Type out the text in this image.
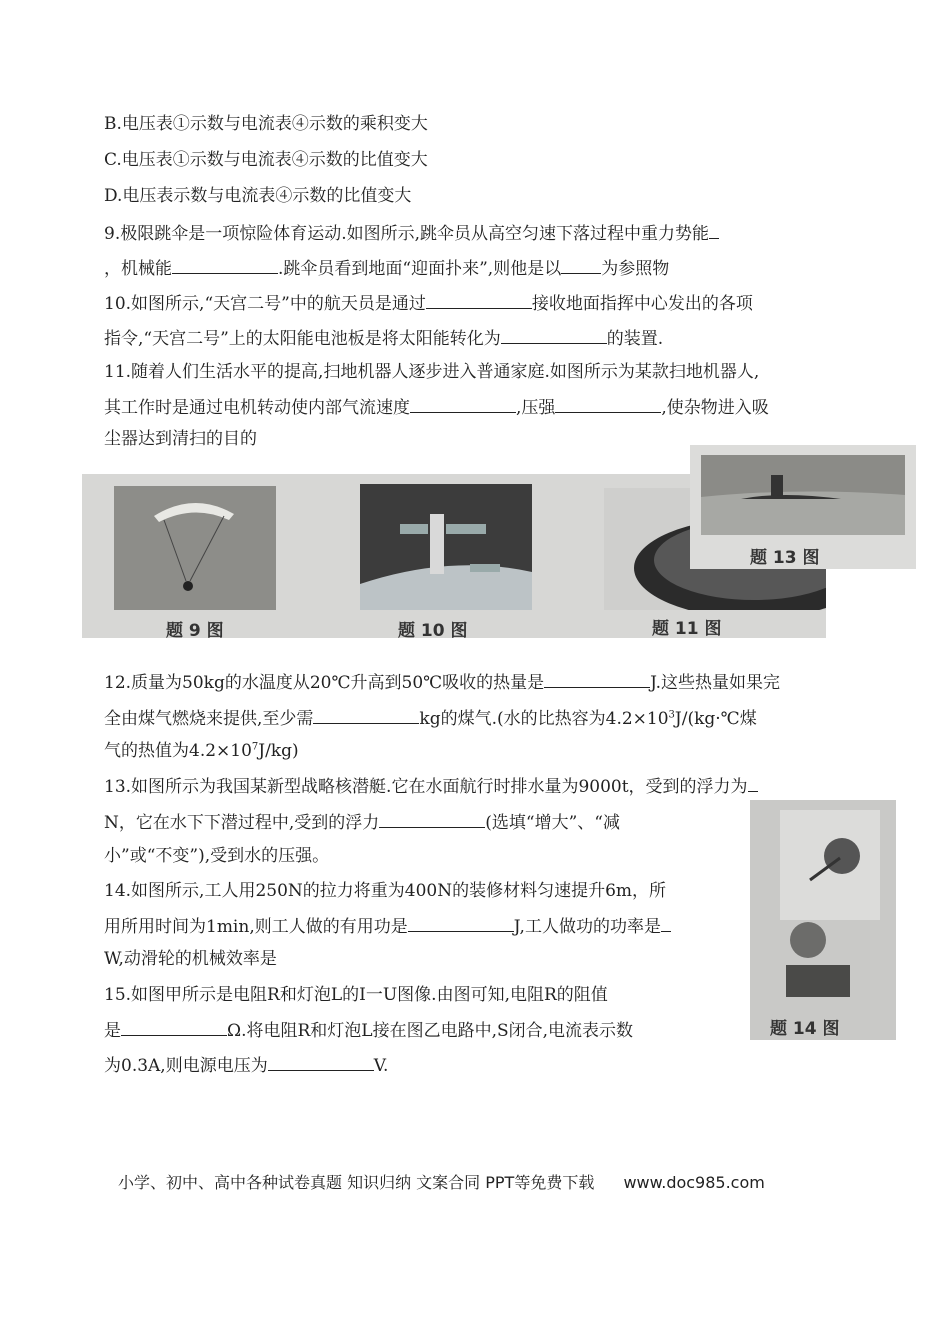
B.电压表①示数与电流表④示数的乘积变大
C.电压表①示数与电流表④示数的比值变大
D.电压表示数与电流表④示数的比值变大
9.极限跳伞是一项惊险体育运动.如图所示,跳伞员从高空匀速下落过程中重力势能
，机械能	.跳伞员看到地面“迎面扑来”,则他是以 为参照物
10.如图所示,“天宫二号”中的航天员是通过	接收地面指挥中心发出的各项
指令,“天宫二号”上的太阳能电池板是将太阳能转化为	的装置.
11.随着人们生活水平的提高,扫地机器人逐步进入普通家庭.如图所示为某款扫地机器人,
其工作时是通过电机转动使内部气流速度	,压强	,使杂物进入吸
尘器达到清扫的目的
题 9 图	题 10 图	题 11 图
题 13 图
12.质量为50kg的水温度从20℃升高到50℃吸收的热量是	J.这些热量如果完
全由煤气燃烧来提供,至少需	kg的煤气.(水的比热容为$4.2\times 10^3J/(kg\cdot℃$煤
气的热值为$4.2\times 10^7J/kg$)
13.如图所示为我国某新型战略核潜艇.它在水面航行时排水量为9000t，受到的浮力为
N，它在水下下潜过程中,受到的浮力	(选填“增大”、“减
小”或“不变”),受到水的压强。
题 14 图
14.如图所示,工人用250N的拉力将重为400N的装修材料匀速提升6m，所
用所用时间为1min,则工人做的有用功是	J,工人做功的功率是
W,动滑轮的机械效率是
15.如图甲所示是电阻R和灯泡L的I一U图像.由图可知,电阻R的阻值
是	Ω.将电阻R和灯泡L接在图乙电路中,S闭合,电流表示数
为0.3A,则电源电压为	V.
小学、初中、高中各种试卷真题 知识归纳 文案合同 PPT等免费下载 www.doc985.com
